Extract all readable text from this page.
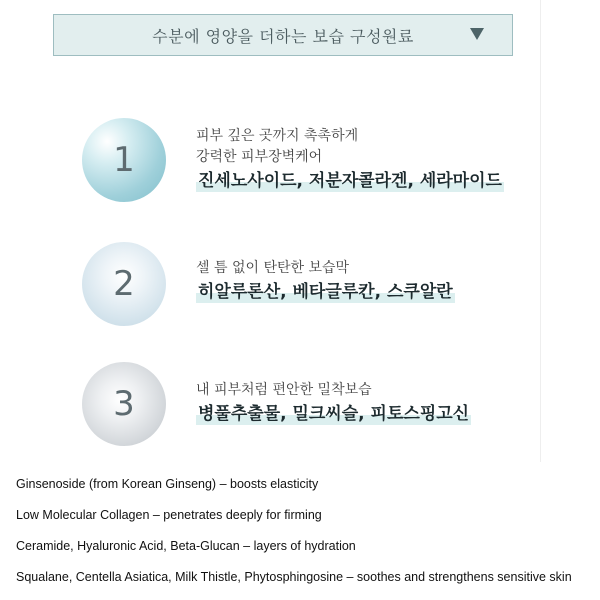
수분에 영양을 더하는 보습 구성원료
1
피부 깊은 곳까지 촉촉하게
강력한 피부장벽케어
진세노사이드, 저분자콜라겐, 세라마이드
2	셀 틈 없이 탄탄한 보습막
히알루론산, 베타글루칸, 스쿠알란
3	내 피부처럼 편안한 밀착보습
병풀추출물, 밀크씨슬, 피토스핑고신
Ginsenoside (from Korean Ginseng) – boosts elasticity
Low Molecular Collagen – penetrates deeply for firming
Ceramide, Hyaluronic Acid, Beta-Glucan – layers of hydration
Squalane, Centella Asiatica, Milk Thistle, Phytosphingosine – soothes and strengthens sensitive skin
